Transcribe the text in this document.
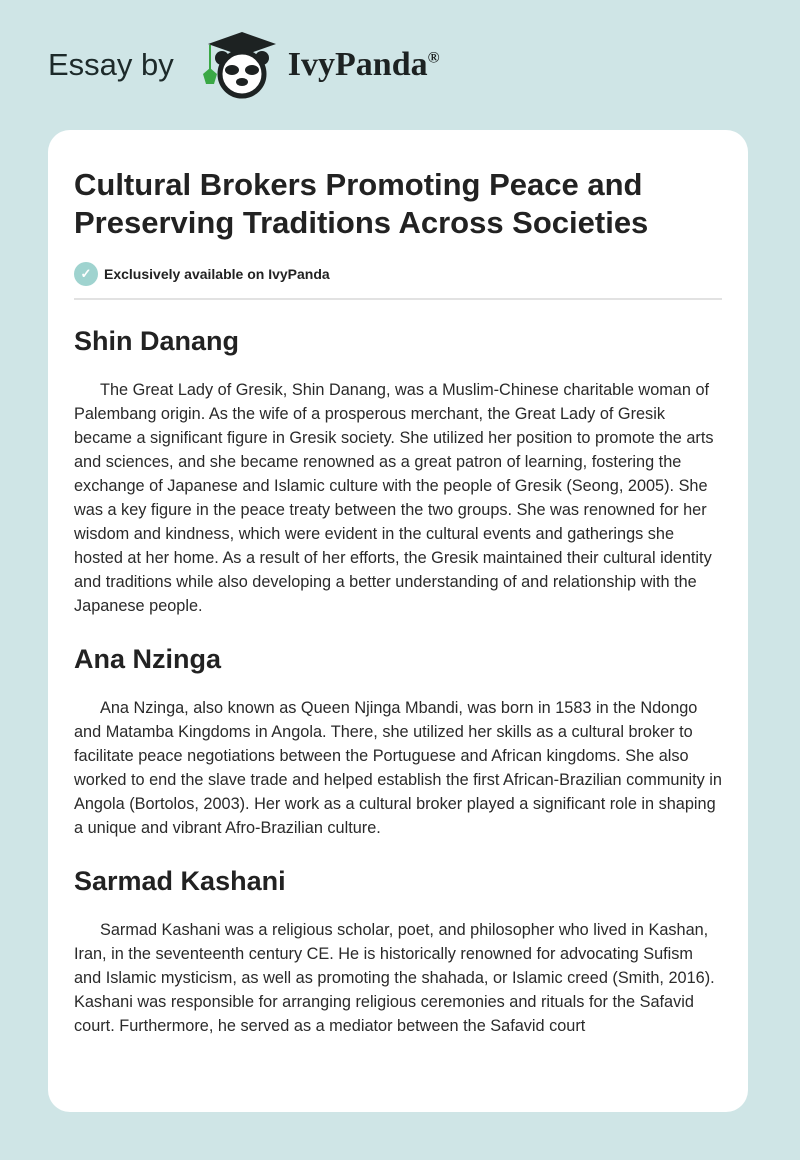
Essay by	IvyPanda®
Cultural Brokers Promoting Peace and Preserving Traditions Across Societies
✓ Exclusively available on IvyPanda
Shin Danang

The Great Lady of Gresik, Shin Danang, was a Muslim-Chinese charitable woman of Palembang origin. As the wife of a prosperous merchant, the Great Lady of Gresik became a significant figure in Gresik society. She utilized her position to promote the arts and sciences, and she became renowned as a great patron of learning, fostering the exchange of Japanese and Islamic culture with the people of Gresik (Seong, 2005). She was a key figure in the peace treaty between the two groups. She was renowned for her wisdom and kindness, which were evident in the cultural events and gatherings she hosted at her home. As a result of her efforts, the Gresik maintained their cultural identity and traditions while also developing a better understanding of and relationship with the Japanese people.

Ana Nzinga

Ana Nzinga, also known as Queen Njinga Mbandi, was born in 1583 in the Ndongo and Matamba Kingdoms in Angola. There, she utilized her skills as a cultural broker to facilitate peace negotiations between the Portuguese and African kingdoms. She also worked to end the slave trade and helped establish the first African-Brazilian community in Angola (Bortolos, 2003). Her work as a cultural broker played a significant role in shaping a unique and vibrant Afro-Brazilian culture.

Sarmad Kashani

Sarmad Kashani was a religious scholar, poet, and philosopher who lived in Kashan, Iran, in the seventeenth century CE. He is historically renowned for advocating Sufism and Islamic mysticism, as well as promoting the shahada, or Islamic creed (Smith, 2016). Kashani was responsible for arranging religious ceremonies and rituals for the Safavid court. Furthermore, he served as a mediator between the Safavid court
